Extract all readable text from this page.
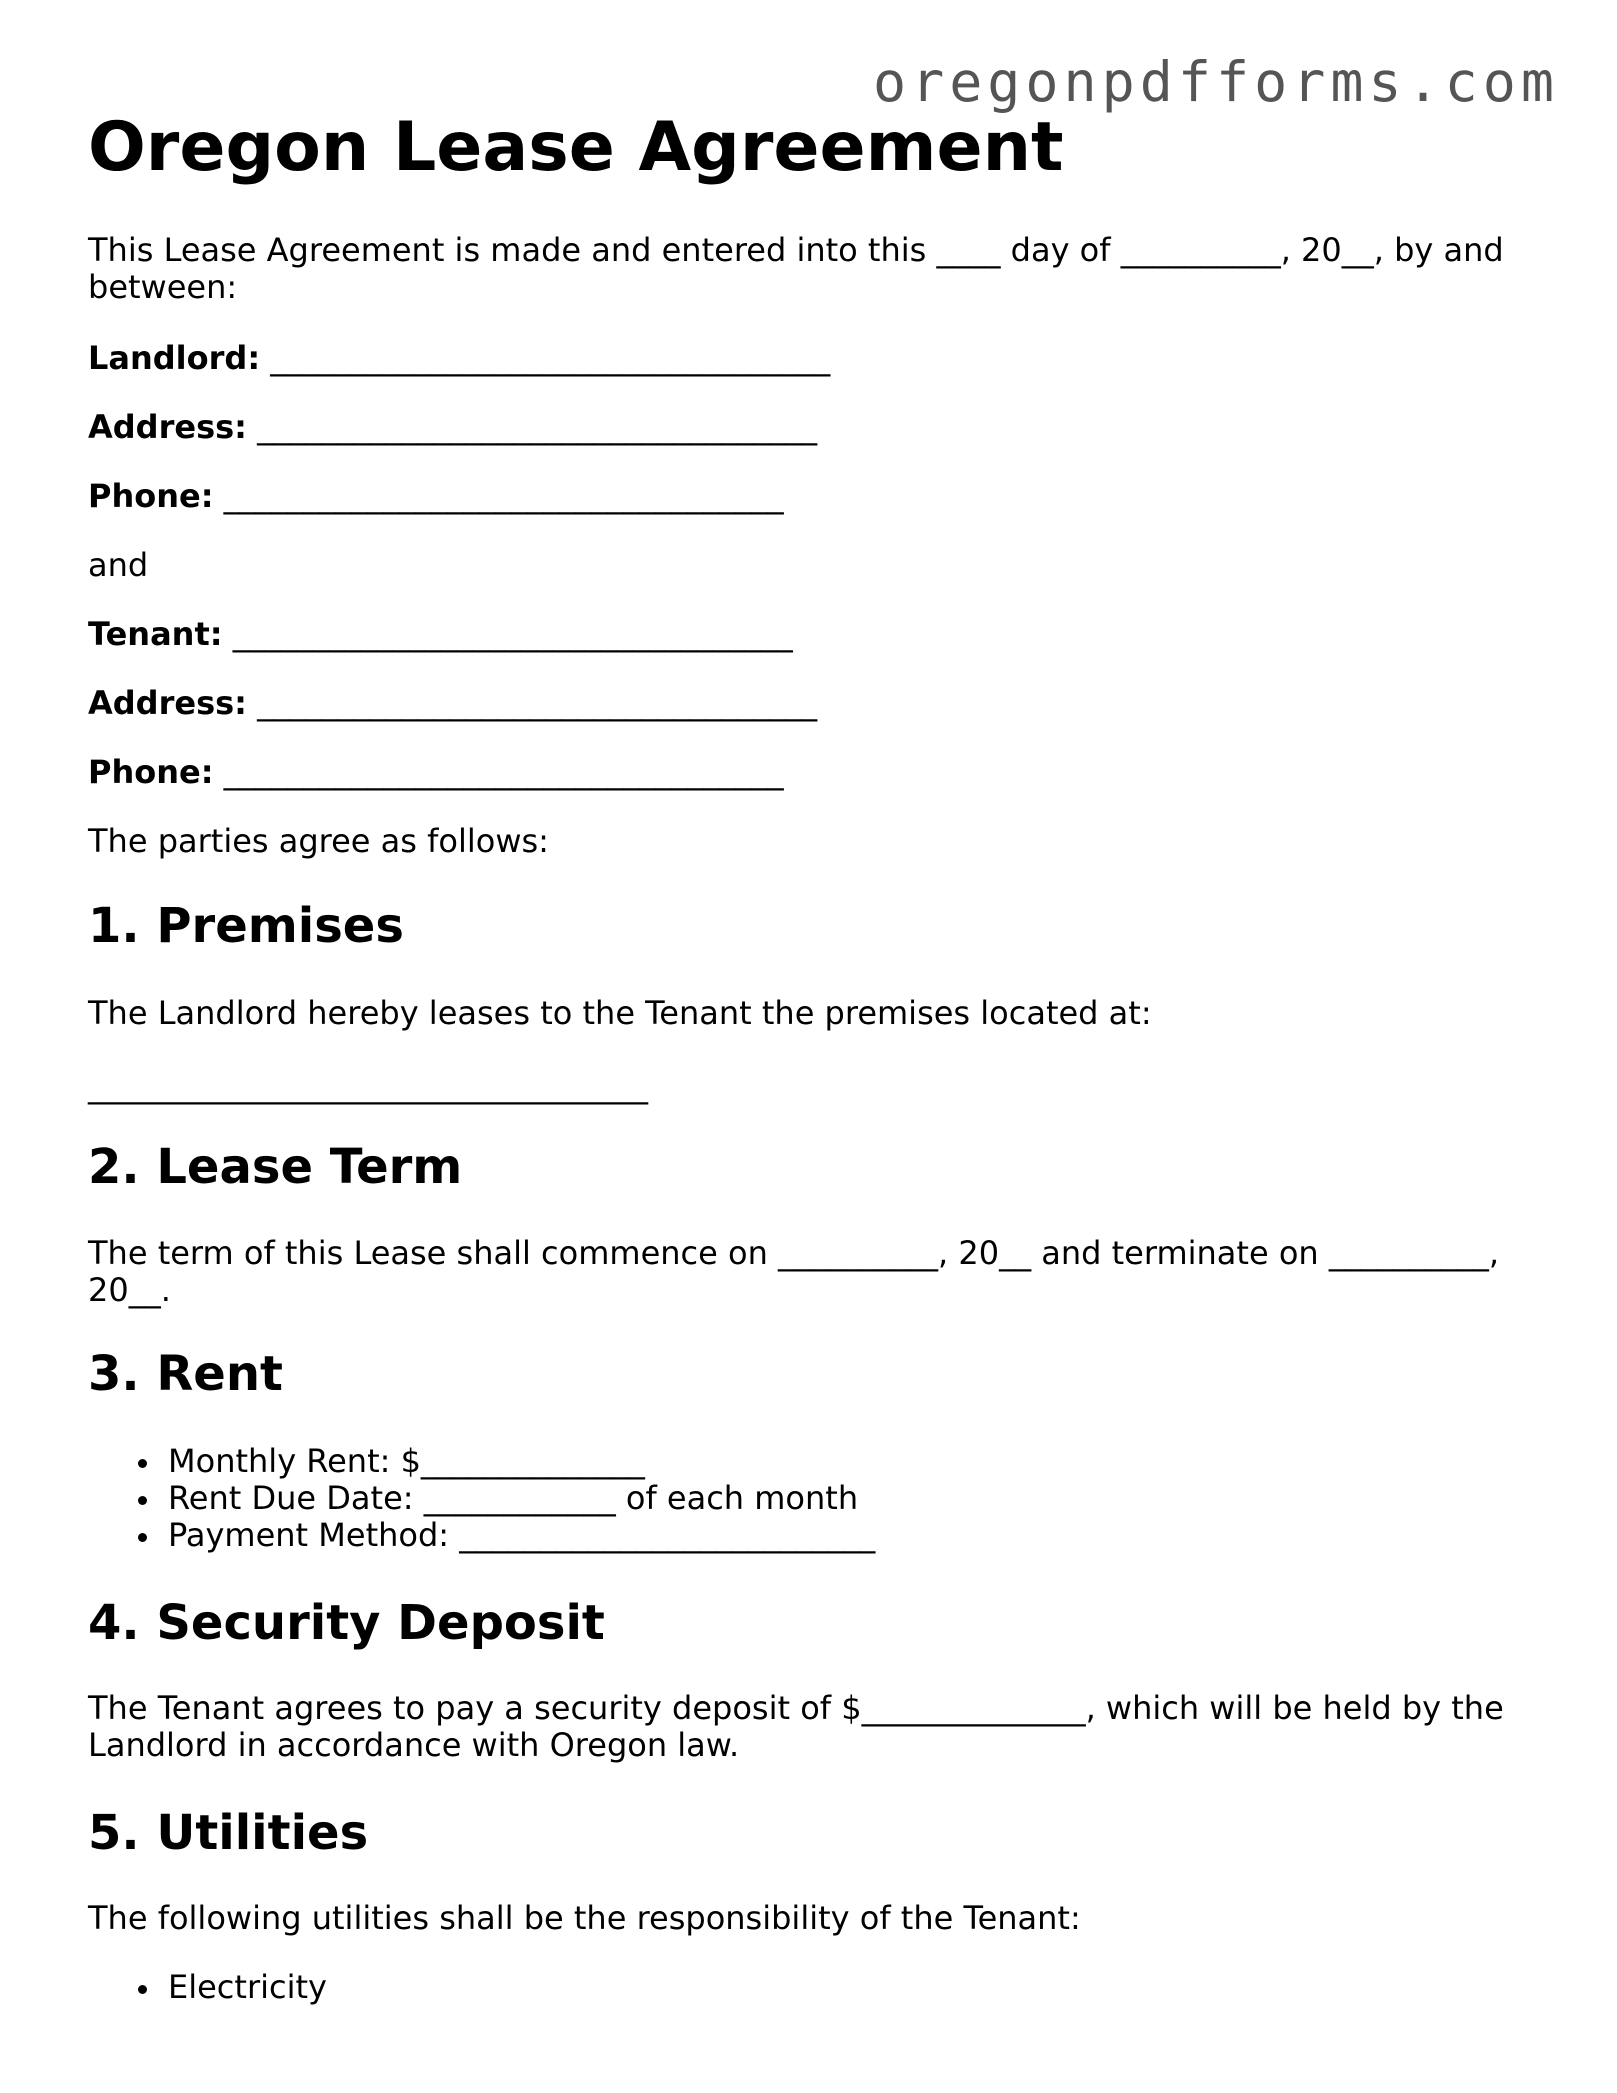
oregonpdfforms.com
Oregon Lease Agreement

This Lease Agreement is made and entered into this ____ day of __________, 20__, by and between:

Landlord: ___________________________________

Address: ___________________________________

Phone: ___________________________________

and

Tenant: ___________________________________

Address: ___________________________________

Phone: ___________________________________

The parties agree as follows:

1. Premises

The Landlord hereby leases to the Tenant the premises located at:

___________________________________

2. Lease Term

The term of this Lease shall commence on __________, 20__ and terminate on __________, 20__.

3. Rent
Monthly Rent: $______________
Rent Due Date: ____________ of each month
Payment Method: __________________________
4. Security Deposit

The Tenant agrees to pay a security deposit of $______________, which will be held by the Landlord in accordance with Oregon law.

5. Utilities

The following utilities shall be the responsibility of the Tenant:

Electricity
